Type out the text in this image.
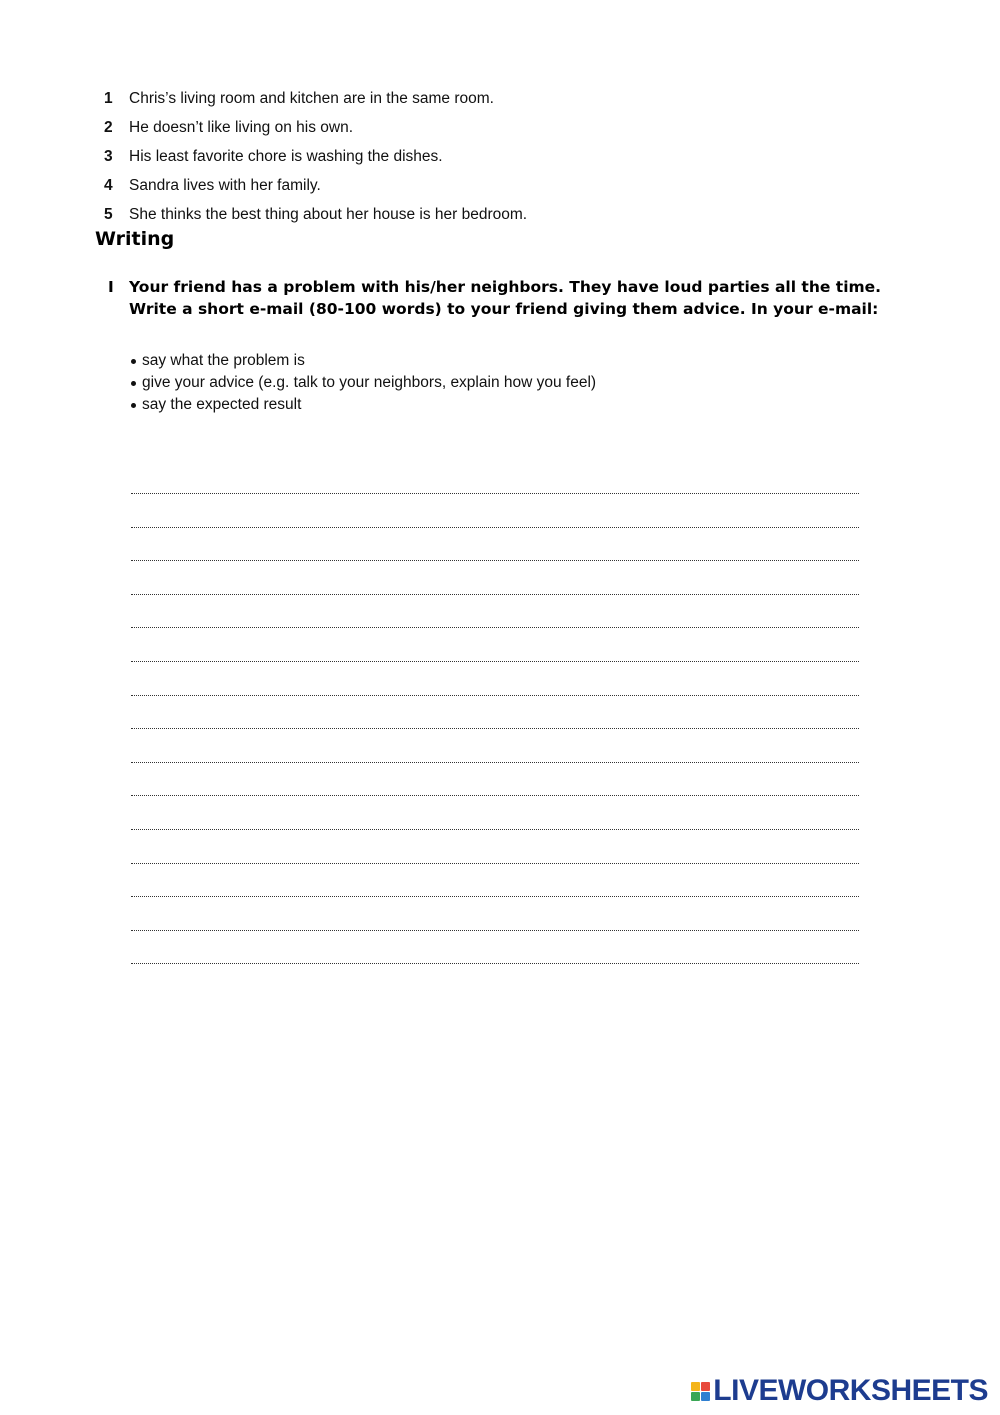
1	Chris’s living room and kitchen are in the same room.
2	He doesn’t like living on his own.
3	His least favorite chore is washing the dishes.
4	Sandra lives with her family.
5	She thinks the best thing about her house is her bedroom.
Writing
I Your friend has a problem with his/her neighbors. They have loud parties all the time. Write a short e-mail (80-100 words) to your friend giving them advice. In your e-mail:
say what the problem is
give your advice (e.g. talk to your neighbors, explain how you feel)
say the expected result
LIVEWORKSHEETS
